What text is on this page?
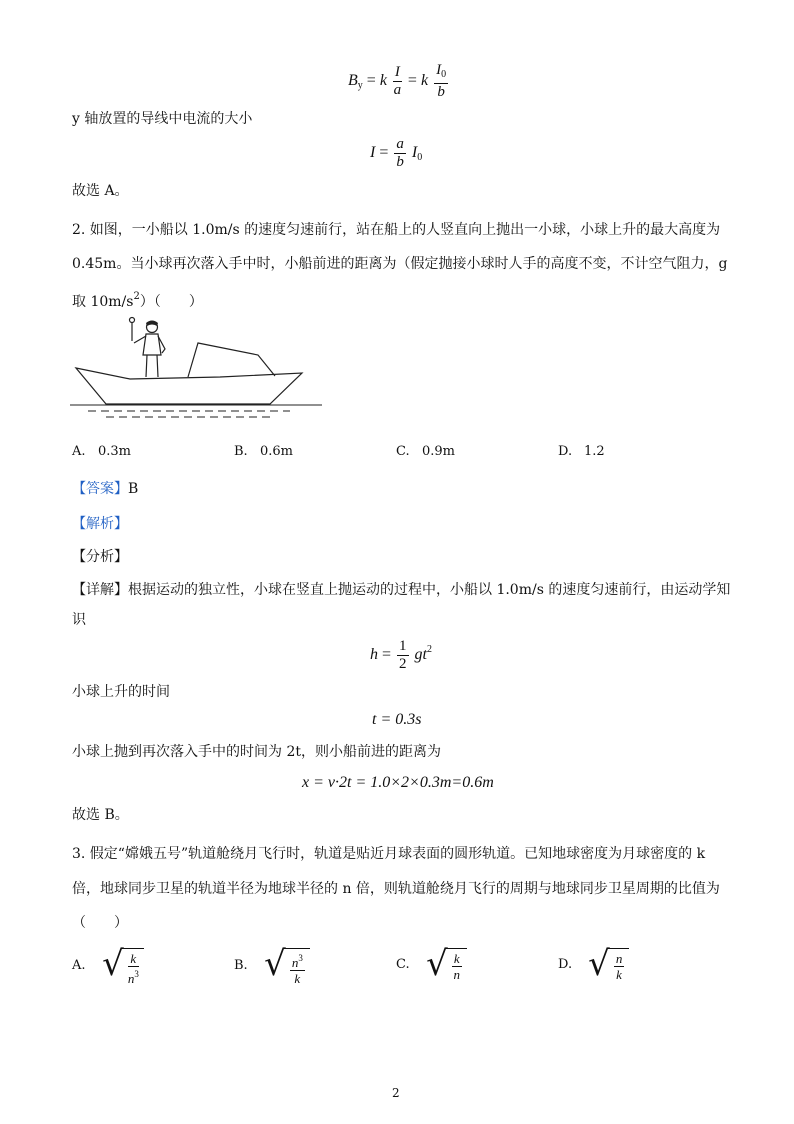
$B_y = k \frac{I}{a} = k \frac{I_0}{b}$
y 轴放置的导线中电流的大小
$I = \frac{a}{b} I_0$
故选 A。
2. 如图，一小船以 1.0m/s 的速度匀速前行，站在船上的人竖直向上抛出一小球，小球上升的最大高度为
0.45m。当小球再次落入手中时，小船前进的距离为（假定抛接小球时人手的高度不变，不计空气阻力，g
取 $10m/s^2$）（　　）
A. 0.3m	B. 0.6m	C. 0.9m	D. 1.2
【答案】B
【解析】
【分析】
【详解】根据运动的独立性，小球在竖直上抛运动的过程中，小船以 1.0m/s 的速度匀速前行，由运动学知
识
$h = \frac{1}{2} gt^2$
小球上升的时间
t = 0.3s
小球上抛到再次落入手中的时间为 2t，则小船前进的距离为
x = v·2t = 1.0×2×0.3m=0.6m
故选 B。
3. 假定“嫦娥五号”轨道舱绕月飞行时，轨道是贴近月球表面的圆形轨道。已知地球密度为月球密度的 k
倍，地球同步卫星的轨道半径为地球半径的 n 倍，则轨道舱绕月飞行的周期与地球同步卫星周期的比值为
（　　）
A. √ $\frac{k}{n^3}$	B. √ $\frac{n^3}{k}$	C. √ $\frac{k}{n}$	D. √ $\frac{n}{k}$
2
